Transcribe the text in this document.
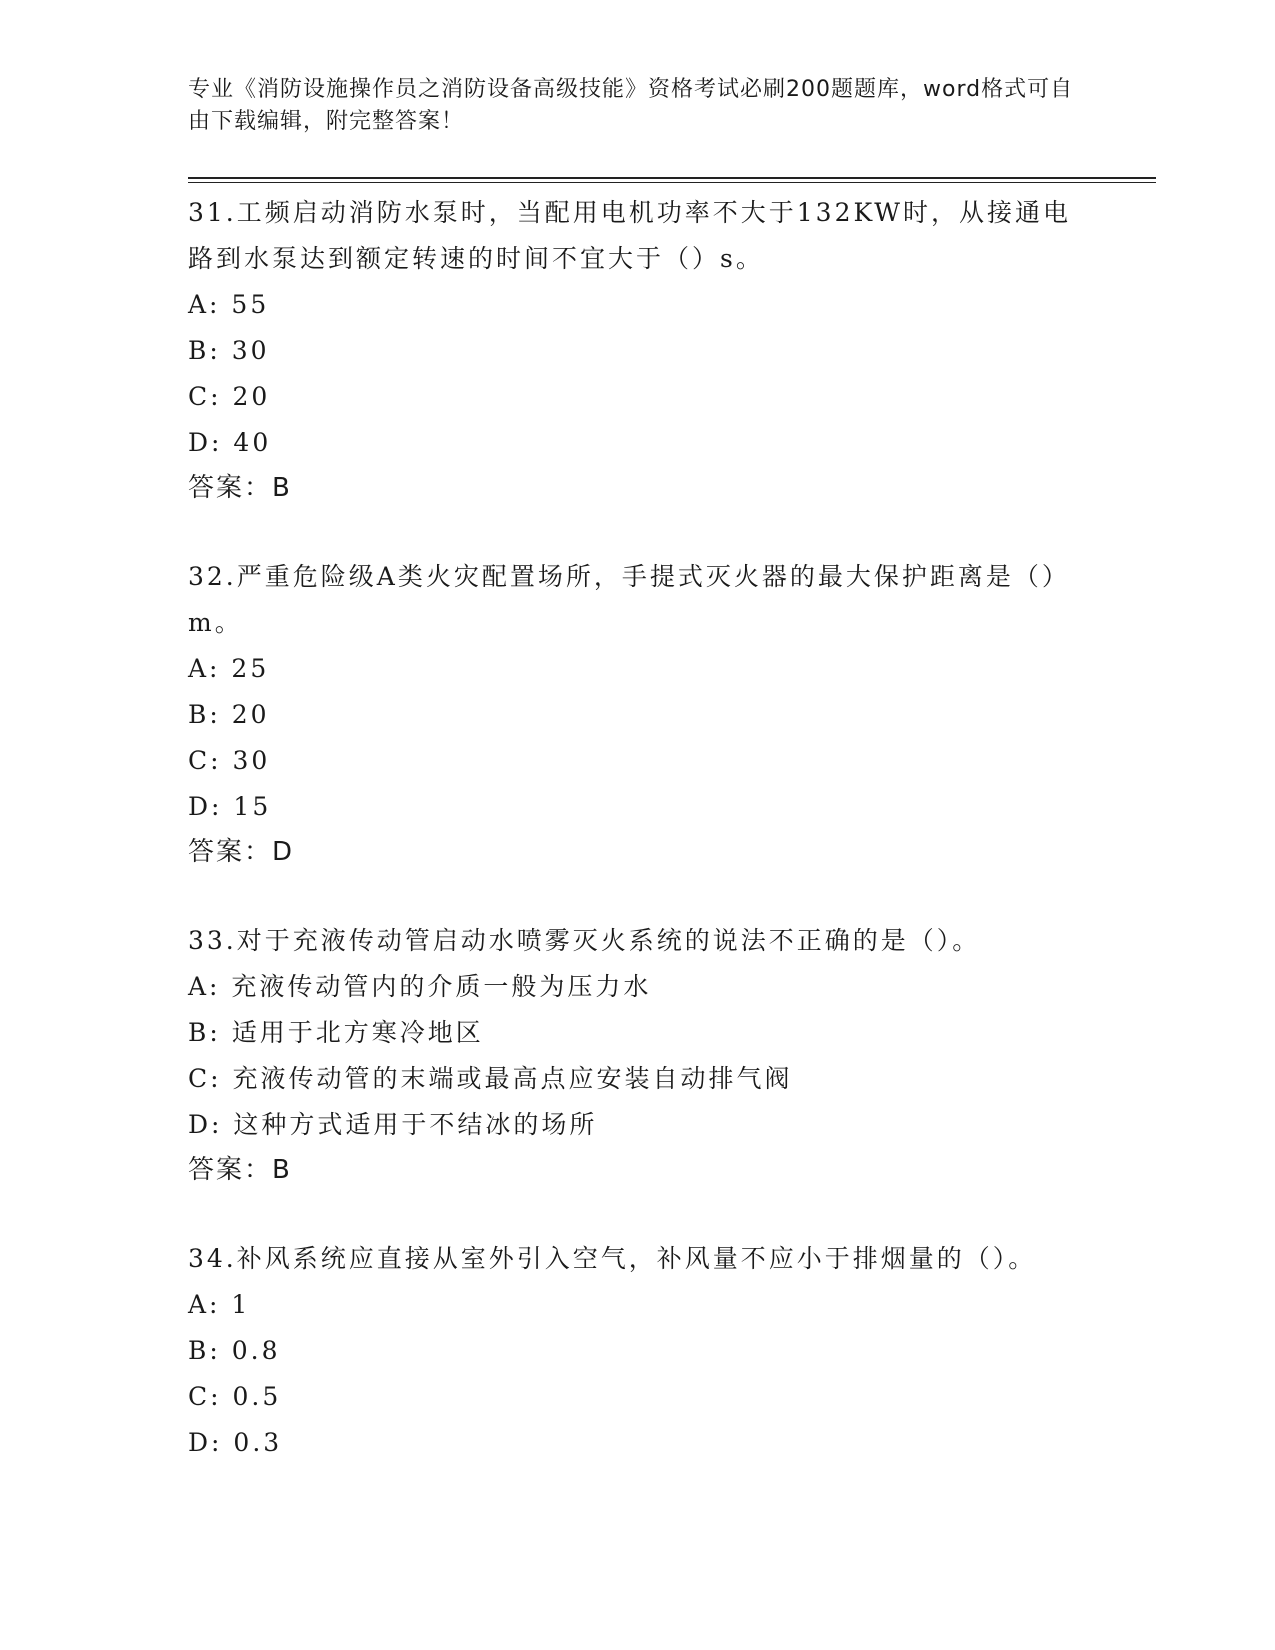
专业《消防设施操作员之消防设备高级技能》资格考试必刷200题题库，word格式可自由下载编辑，附完整答案！

31.工频启动消防水泵时，当配用电机功率不大于132KW时，从接通电路到水泵达到额定转速的时间不宜大于（）s。

A: 55

B: 30

C: 20

D: 40

答案：B

32.严重危险级A类火灾配置场所，手提式灭火器的最大保护距离是（）m。

A: 25

B: 20

C: 30

D: 15

答案：D

33.对于充液传动管启动水喷雾灭火系统的说法不正确的是（）。

A: 充液传动管内的介质一般为压力水

B: 适用于北方寒冷地区

C: 充液传动管的末端或最高点应安装自动排气阀

D: 这种方式适用于不结冰的场所

答案：B

34.补风系统应直接从室外引入空气，补风量不应小于排烟量的（）。

A: 1

B: 0.8

C: 0.5

D: 0.3
